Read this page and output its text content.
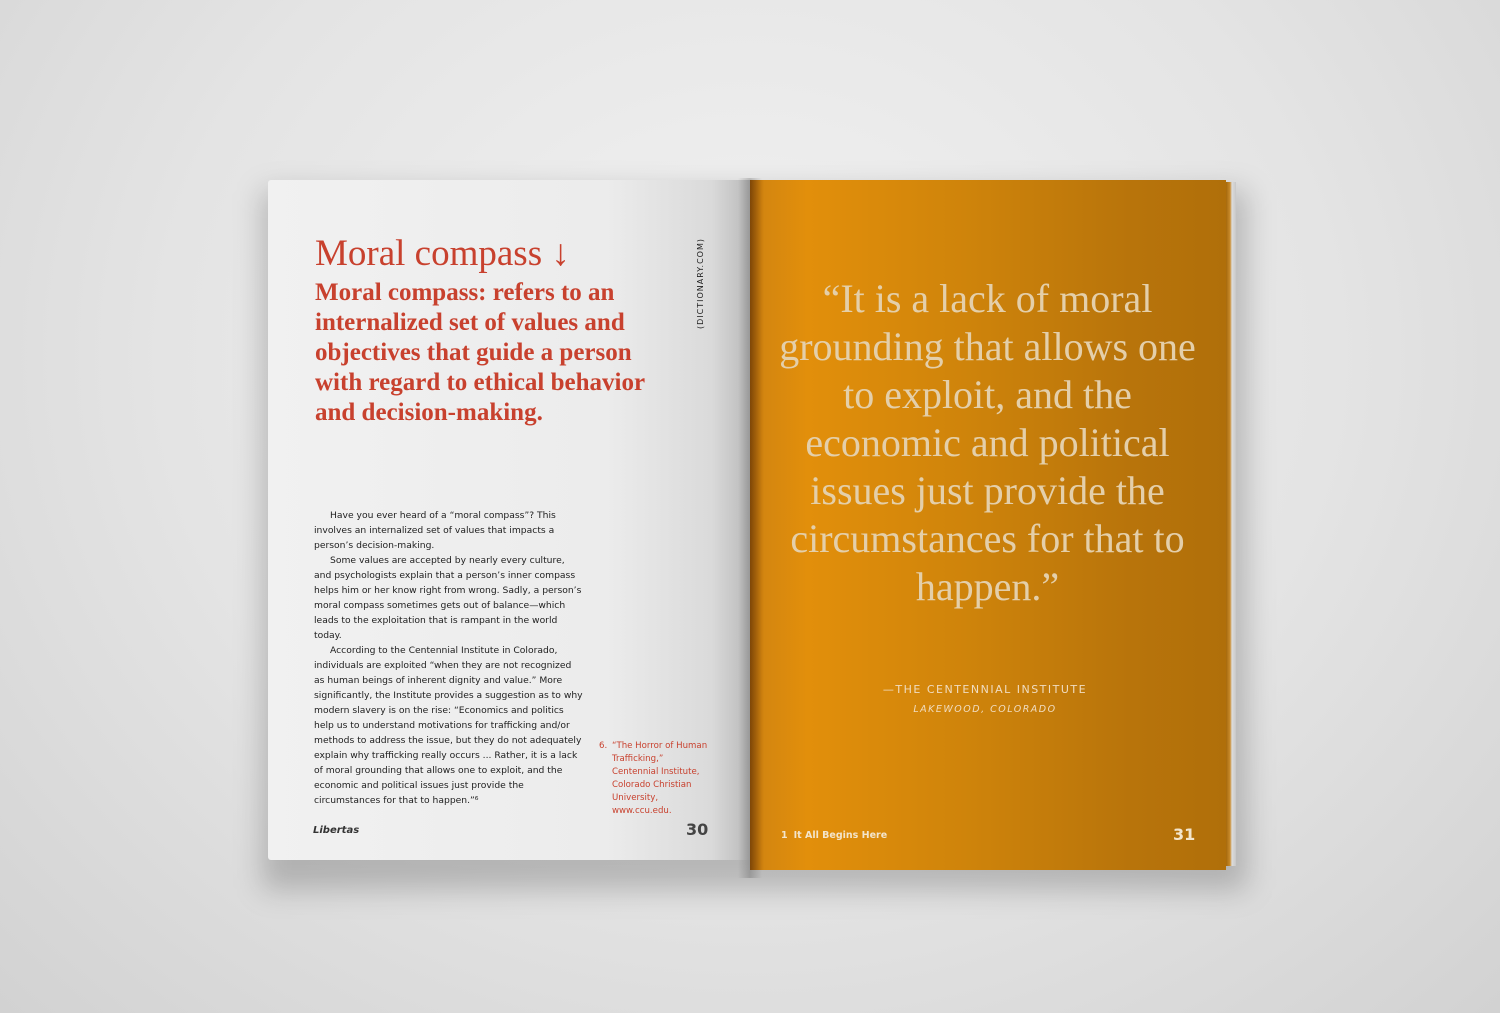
Moral compass ↓
Moral compass: refers to an internalized set of values and objectives that guide a person with regard to ethical behavior and decision-making.
(DICTIONARY.COM)

Have you ever heard of a “moral compass”? This involves an internalized set of values that impacts a person’s decision-making.

Some values are accepted by nearly every culture, and psychologists explain that a person’s inner compass helps him or her know right from wrong. Sadly, a person’s moral compass sometimes gets out of balance—which leads to the exploitation that is rampant in the world today.

According to the Centennial Institute in Colorado, individuals are exploited “when they are not recognized as human beings of inherent dignity and value.” More significantly, the Institute provides a suggestion as to why modern slavery is on the rise: “Economics and politics help us to understand motivations for trafficking and/or methods to address the issue, but they do not adequately explain why trafficking really occurs ... Rather, it is a lack of moral grounding that allows one to exploit, and the economic and political issues just provide the circumstances for that to happen.”⁶

6. “The Horror of Human Trafficking,” Centennial Institute, Colorado Christian University, www.ccu.edu.
Libertas	30
“It is a lack of moral grounding that allows one to exploit, and the economic and political issues just provide the circumstances for that to happen.”
—THE CENTENNIAL INSTITUTE
LAKEWOOD, COLORADO
1 It All Begins Here	31
